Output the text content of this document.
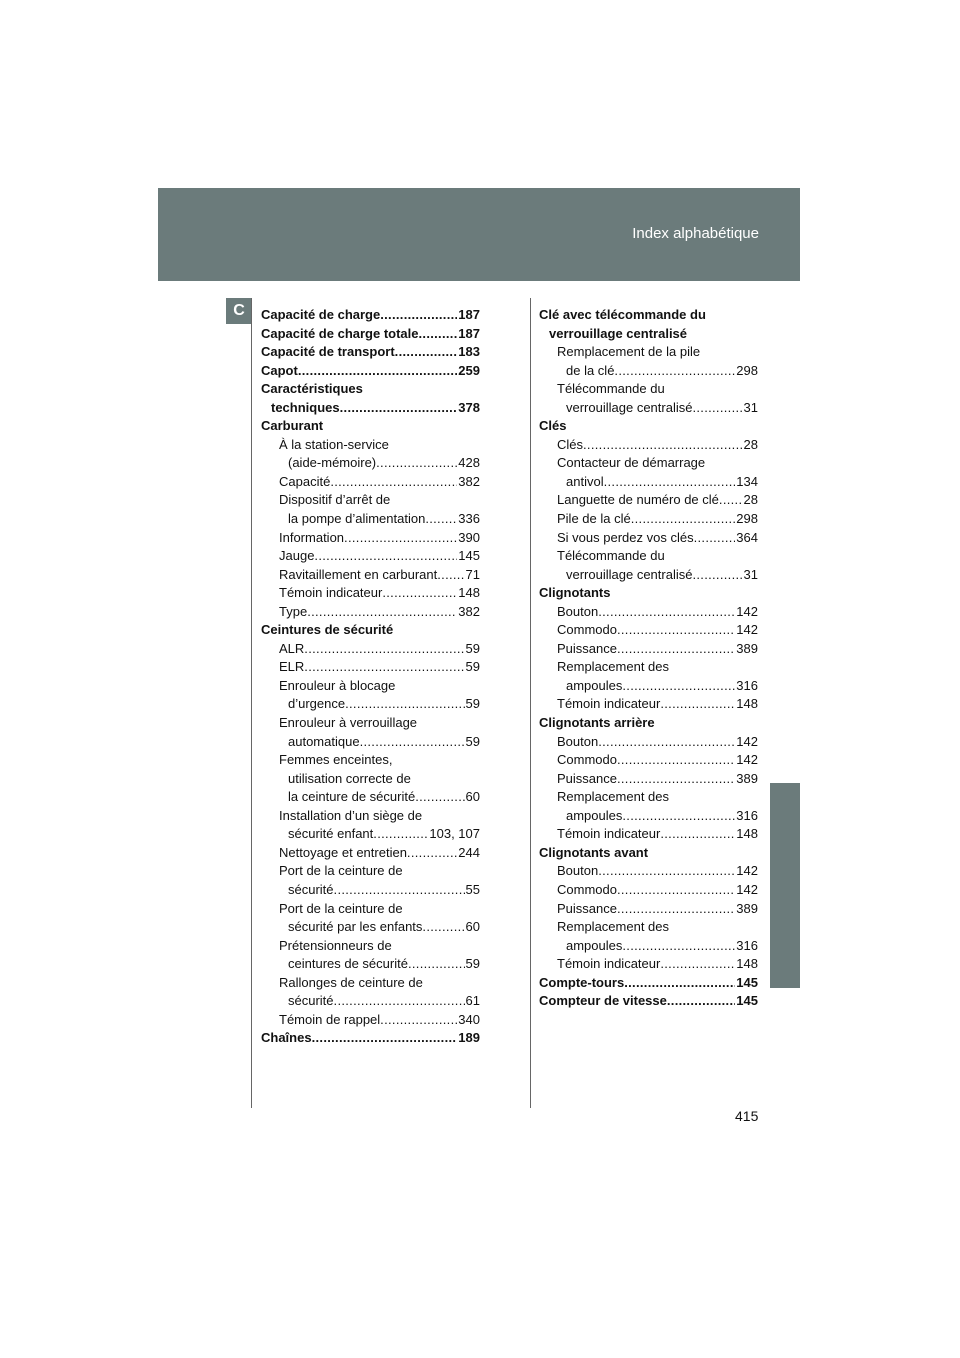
Index alphabétique
C	Capacité de charge .....	187
Capacité de charge totale .....	187
Capacité de transport .....	183
Capot .....	259
Caractéristiques
techniques .....	378
Carburant
À la station-service
(aide-mémoire) .....	428
Capacité .....	382
Dispositif d’arrêt de
la pompe d’alimentation .....	336
Information .....	390
Jauge .....	145
Ravitaillement en carburant ..... 71
Témoin indicateur .....	148
Type .....	382
Ceintures de sécurité
ALR .....	59
ELR .....	59
Enrouleur à blocage
d’urgence .....	59
Enrouleur à verrouillage
automatique .....	59
Femmes enceintes,
utilisation correcte de
la ceinture de sécurité .....	60
Installation d’un siège de
sécurité enfant .....	103, 107
Nettoyage et entretien .....	244
Port de la ceinture de
sécurité .....	55
Port de la ceinture de
sécurité par les enfants .....	60
Prétensionneurs de
ceintures de sécurité .....	59
Rallonges de ceinture de
sécurité .....	61
Témoin de rappel .....	340
Chaînes .....	189
Clé avec télécommande du
verrouillage centralisé
Remplacement de la pile
de la clé .....	298
Télécommande du
verrouillage centralisé .....	31
Clés
Clés .....	28
Contacteur de démarrage
antivol .....	134
Languette de numéro de clé ..... 28
Pile de la clé .....	298
Si vous perdez vos clés .....	364
Télécommande du
verrouillage centralisé .....	31
Clignotants
Bouton .....	142
Commodo .....	142
Puissance .....	389
Remplacement des
ampoules .....	316
Témoin indicateur .....	148
Clignotants arrière
Bouton .....	142
Commodo .....	142
Puissance .....	389
Remplacement des
ampoules .....	316
Témoin indicateur .....	148
Clignotants avant
Bouton .....	142
Commodo .....	142
Puissance .....	389
Remplacement des
ampoules .....	316
Témoin indicateur .....	148
Compte-tours .....	145
Compteur de vitesse .....	145
415
